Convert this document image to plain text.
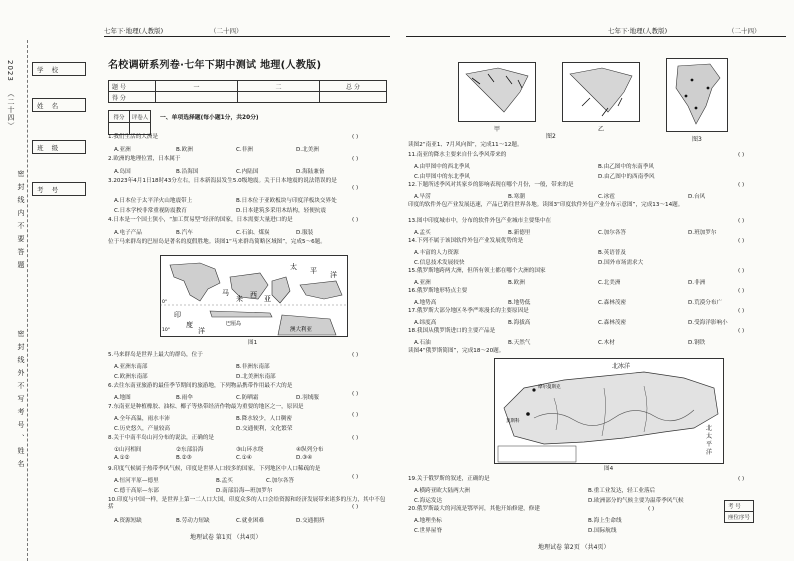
七年下·地理(人教版)	（二十四）
学 校
姓 名
班 级
考 号
2023
（二十四）
密封线内不要答题
密封线外不写考号、姓名
名校调研系列卷·七年下期中测试 地理(人教版)
题 号	一	二	总 分
得 分			
得分	评卷人
	一、单项选择题(每小题1分，共20分)
1.我们生活的大洲是	( )
A.亚洲	B.欧洲	C.非洲	D.北美洲
2.欧洲的地理位置，日本属于	( )
A.岛国	B.沿海国	C.内陆国	D.海陆兼备
3.2023年4月1日18时43分左右，日本新潟县发生5.0级地震。关于日本地震的说法错误的是
( )
A.日本位于太平洋火山地震带上	B.日本位于亚欧板块与印度洋板块交界处
C.日本学校非常重视防震教育	D.日本建筑多采用木结构，轻便抗震
4.日本是一个国土狭小，“加工贸易型”经济的国家，日本需要大量进口的是	( )
A.电子产品	B.汽车	C.石油、煤炭	D.服装
位于马来群岛的巴厘岛是著名的度假胜地。读图1“马来群岛简略区域图”，完成5～6题。
太 平 洋
印
度
洋
马
来 西 亚
巴厘岛
澳大利亚
10°
0°
图1
5.马来群岛是世界上最大的群岛，位于	( )
A.亚洲东南部	B.非洲东南部
C.欧洲东南部	D.北美洲东南部
6.去往东南亚旅游的最佳季节期间的旅游地，下列物品携带作用最不大的是
( )
A.地图	B.雨伞	C.防晒霜	D.羽绒服
7.东南亚是种植橡胶、油棕、椰子等热带经济作物最为重要的地区之一，原因是
( )
A.全年高温，雨水丰沛	B.降水较少，人口稠密
C.历史悠久，产量较高	D.交通便利，文化繁荣
8.关于中南半岛山河分布的说法，正确的是	( )
①山河相间	②东部沿海	③山环水绕	④纵列分布
A.①②	B.②③	C.①④	D.③④
9.印度气候属于热带季风气候，印度是世界人口较多的国家。下列地区中人口稀疏的是
( )
A.恒河平原—德里	B.孟买	C.加尔各答
C.德干高原—东部	D.南部沿海—班加罗尔
10.印度与中国一样，是世界上第一二人口大国，印度众多的人口会给资源和经济发展带来诸多的压力，其中不包括	( )
A.资源短缺	B.劳动力短缺	C.就业困难	D.交通拥挤
地理试卷 第1页 （共4页）
七年下·地理(人教版)	（二十四）
甲	乙
图2	图3
读图2“南亚1、7月风向图”，完成11～12题。
11.南亚的降水主要来自什么季风带来的	( )
A.由甲图中的西北季风	B.由乙图中的东南季风
C.由甲图中的东北季风	D.由乙图中的西南季风
12.下题所述季风对其家乡的影响表现在哪个月份，一般，带来的是	( )
A.旱涝	B.寒潮	C.冰雹	D.台风
印度的软件外包产业发展迅速，产品已销往世界各地。读图3“印度软件外包产业分布示意图”，完成13～14题。
13.图中印度城市中，分布的软件外包产业城市主要集中在	( )
A.孟买	B.新德里	C.加尔各答	D.班加罗尔
14.下列不属于该国软件外包产业发展优势的是	( )
A.丰富的人力资源	B.英语普及
C.信息技术发展较快	D.国外市场需求大
15.俄罗斯地跨两大洲，但所有领土都在哪个大洲的国家	( )
A.亚洲	B.欧洲	C.北美洲	D.非洲
16.俄罗斯地形特点主要	( )
A.地势高	B.地势低	C.森林茂密	D.荒漠分布广
17.俄罗斯大部分地区冬季严寒漫长的主要原因是	( )
A.纬度高	B.海拔高	C.森林茂密	D.受海洋影响小
18.我国从俄罗斯进口的主要产品是	( )
A.石油	B.天然气	C.木材	D.钢铁
读图4“俄罗斯简图”，完成18～20题。
北冰洋
北
太
平
洋
莫斯科
摩尔曼斯克
图4
19.关于俄罗斯的叙述，正确的是	( )
A.横跨亚欧大陆两大洲	B.重工业发达，轻工业落后
C.海运发达	D.欧洲部分的气候主要为温带季风气候
20.俄罗斯最大的河流是鄂毕河，其他开始修建，修建	( )
A.地理坐标	B.海上生命线
C.世界屋脊	D.国际航线
考 号
座位序号
地理试卷 第2页 （共4页）
